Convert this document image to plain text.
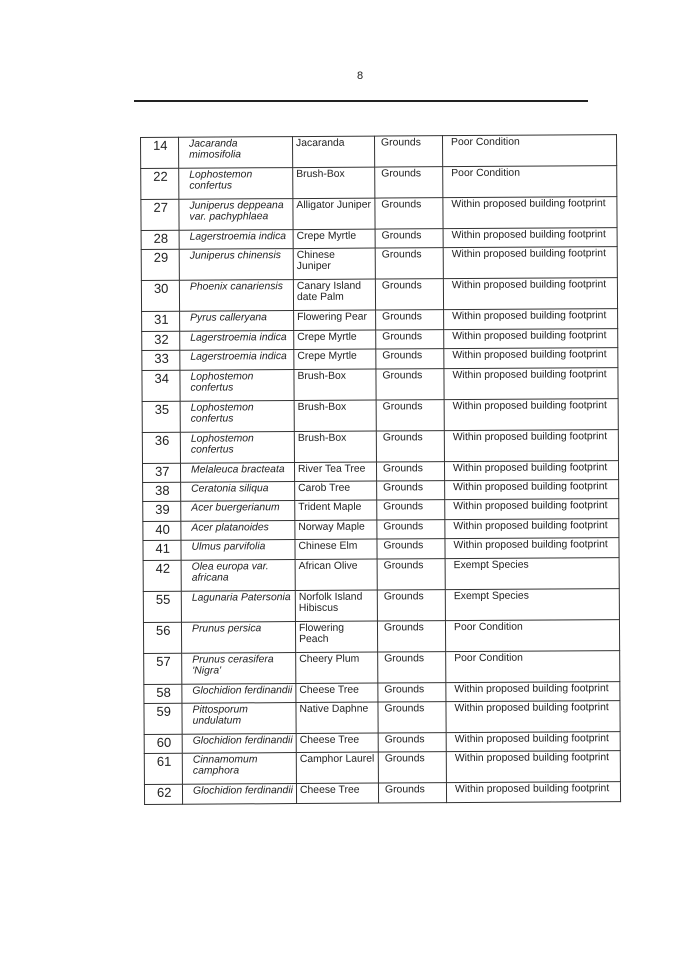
8
14	Jacaranda mimosifolia	Jacaranda	Grounds	Poor Condition
22	Lophostemon confertus	Brush-Box	Grounds	Poor Condition
27	Juniperus deppeana var. pachyphlaea	Alligator Juniper	Grounds	Within proposed building footprint
28	Lagerstroemia indica	Crepe Myrtle	Grounds	Within proposed building footprint
29	Juniperus chinensis	Chinese Juniper	Grounds	Within proposed building footprint
30	Phoenix canariensis	Canary Island date Palm	Grounds	Within proposed building footprint
31	Pyrus calleryana	Flowering Pear	Grounds	Within proposed building footprint
32	Lagerstroemia indica	Crepe Myrtle	Grounds	Within proposed building footprint
33	Lagerstroemia indica	Crepe Myrtle	Grounds	Within proposed building footprint
34	Lophostemon confertus	Brush-Box	Grounds	Within proposed building footprint
35	Lophostemon confertus	Brush-Box	Grounds	Within proposed building footprint
36	Lophostemon confertus	Brush-Box	Grounds	Within proposed building footprint
37	Melaleuca bracteata	River Tea Tree	Grounds	Within proposed building footprint
38	Ceratonia siliqua	Carob Tree	Grounds	Within proposed building footprint
39	Acer buergerianum	Trident Maple	Grounds	Within proposed building footprint
40	Acer platanoides	Norway Maple	Grounds	Within proposed building footprint
41	Ulmus parvifolia	Chinese Elm	Grounds	Within proposed building footprint
42	Olea europa var. africana	African Olive	Grounds	Exempt Species
55	Lagunaria Patersonia	Norfolk Island Hibiscus	Grounds	Exempt Species
56	Prunus persica	Flowering Peach	Grounds	Poor Condition
57	Prunus cerasifera 'Nigra'	Cheery Plum	Grounds	Poor Condition
58	Glochidion ferdinandii	Cheese Tree	Grounds	Within proposed building footprint
59	Pittosporum undulatum	Native Daphne	Grounds	Within proposed building footprint
60	Glochidion ferdinandii	Cheese Tree	Grounds	Within proposed building footprint
61	Cinnamomum camphora	Camphor Laurel	Grounds	Within proposed building footprint
62	Glochidion ferdinandii	Cheese Tree	Grounds	Within proposed building footprint
